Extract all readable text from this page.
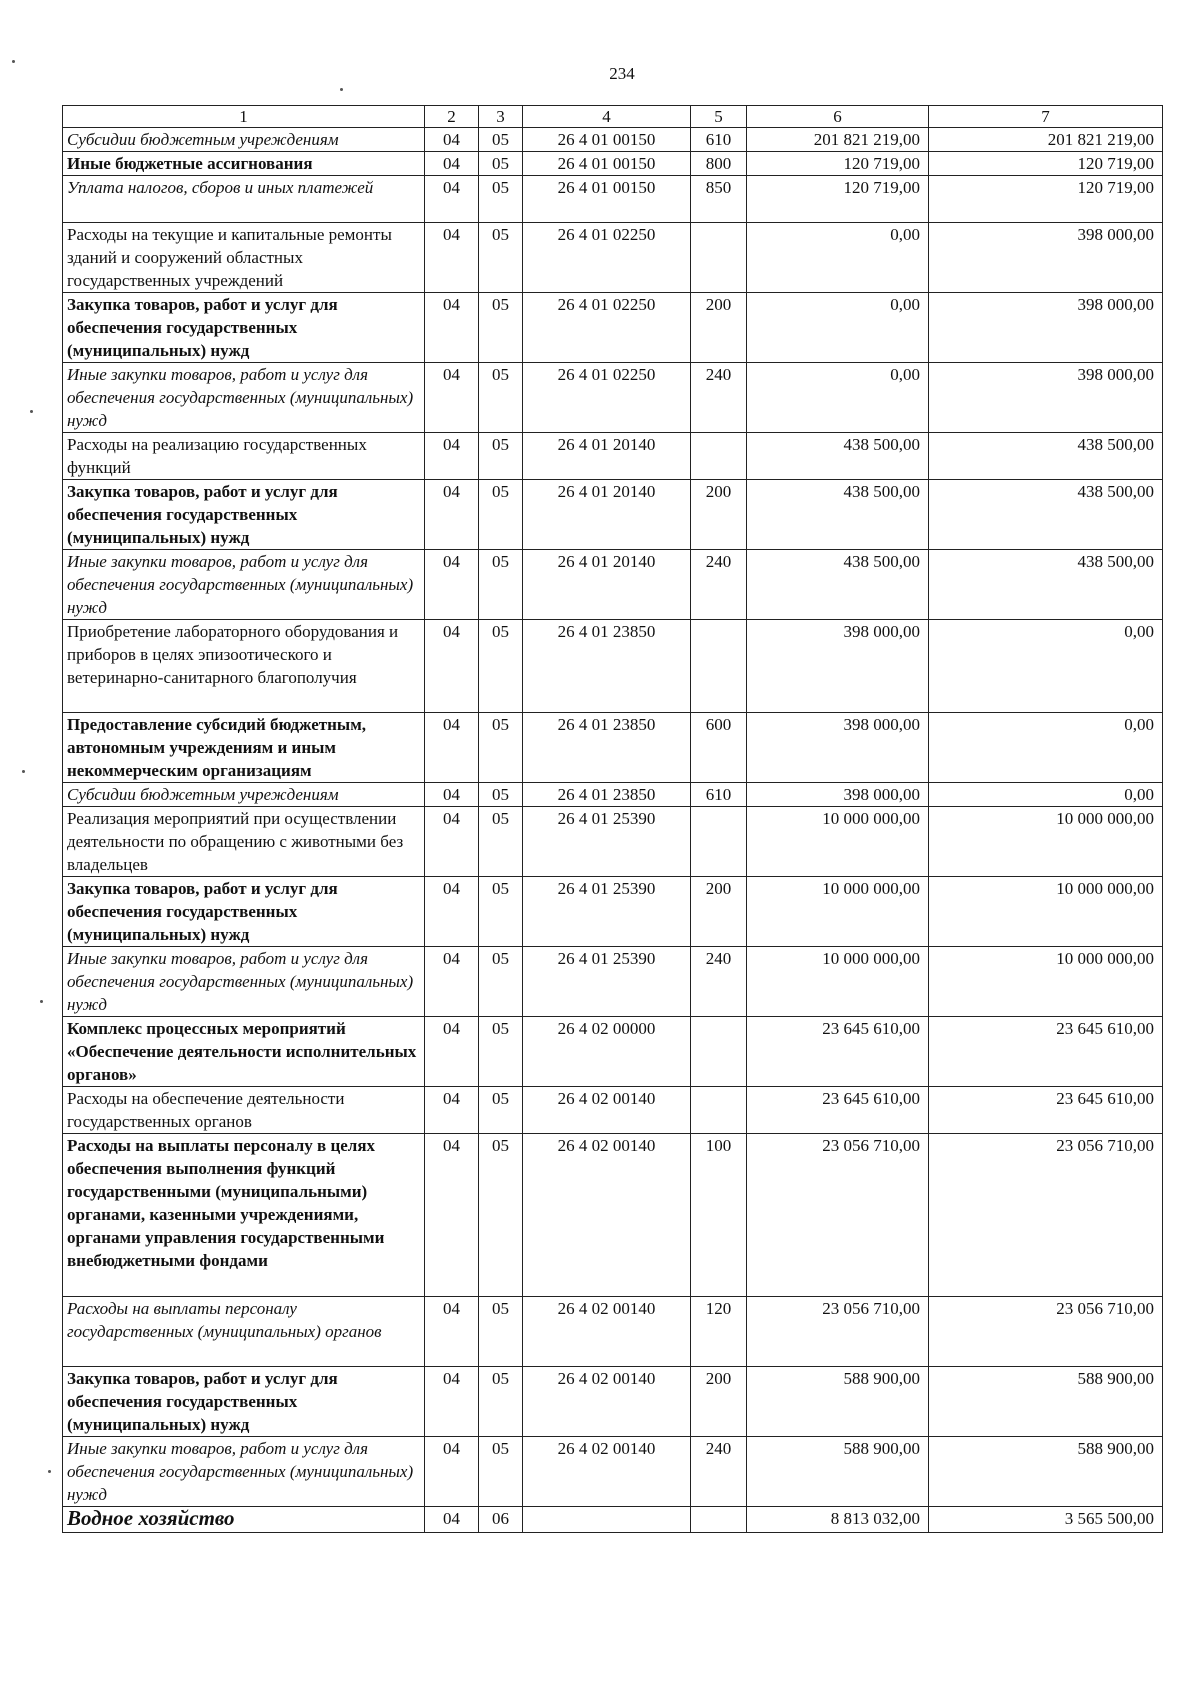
234
1	2	3	4	5	6	7
Субсидии бюджетным учреждениям	04	05	26 4 01 00150	610	201 821 219,00	201 821 219,00
Иные бюджетные ассигнования	04	05	26 4 01 00150	800	120 719,00	120 719,00
Уплата налогов, сборов и иных платежей	04	05	26 4 01 00150	850	120 719,00	120 719,00
Расходы на текущие и капитальные ремонты зданий и сооружений областных государственных учреждений	04	05	26 4 01 02250		0,00	398 000,00
Закупка товаров, работ и услуг для обеспечения государственных (муниципальных) нужд	04	05	26 4 01 02250	200	0,00	398 000,00
Иные закупки товаров, работ и услуг для обеспечения государственных (муниципальных) нужд	04	05	26 4 01 02250	240	0,00	398 000,00
Расходы на реализацию государственных функций	04	05	26 4 01 20140		438 500,00	438 500,00
Закупка товаров, работ и услуг для обеспечения государственных (муниципальных) нужд	04	05	26 4 01 20140	200	438 500,00	438 500,00
Иные закупки товаров, работ и услуг для обеспечения государственных (муниципальных) нужд	04	05	26 4 01 20140	240	438 500,00	438 500,00
Приобретение лабораторного оборудования и приборов в целях эпизоотического и ветеринарно-санитарного благополучия	04	05	26 4 01 23850		398 000,00	0,00
Предоставление субсидий бюджетным, автономным учреждениям и иным некоммерческим организациям	04	05	26 4 01 23850	600	398 000,00	0,00
Субсидии бюджетным учреждениям	04	05	26 4 01 23850	610	398 000,00	0,00
Реализация мероприятий при осуществлении деятельности по обращению с животными без владельцев	04	05	26 4 01 25390		10 000 000,00	10 000 000,00
Закупка товаров, работ и услуг для обеспечения государственных (муниципальных) нужд	04	05	26 4 01 25390	200	10 000 000,00	10 000 000,00
Иные закупки товаров, работ и услуг для обеспечения государственных (муниципальных) нужд	04	05	26 4 01 25390	240	10 000 000,00	10 000 000,00
Комплекс процессных мероприятий «Обеспечение деятельности исполнительных органов»	04	05	26 4 02 00000		23 645 610,00	23 645 610,00
Расходы на обеспечение деятельности государственных органов	04	05	26 4 02 00140		23 645 610,00	23 645 610,00
Расходы на выплаты персоналу в целях обеспечения выполнения функций государственными (муниципальными) органами, казенными учреждениями, органами управления государственными внебюджетными фондами	04	05	26 4 02 00140	100	23 056 710,00	23 056 710,00
Расходы на выплаты персоналу государственных (муниципальных) органов	04	05	26 4 02 00140	120	23 056 710,00	23 056 710,00
Закупка товаров, работ и услуг для обеспечения государственных (муниципальных) нужд	04	05	26 4 02 00140	200	588 900,00	588 900,00
Иные закупки товаров, работ и услуг для обеспечения государственных (муниципальных) нужд	04	05	26 4 02 00140	240	588 900,00	588 900,00
Водное хозяйство	04	06			8 813 032,00	3 565 500,00
